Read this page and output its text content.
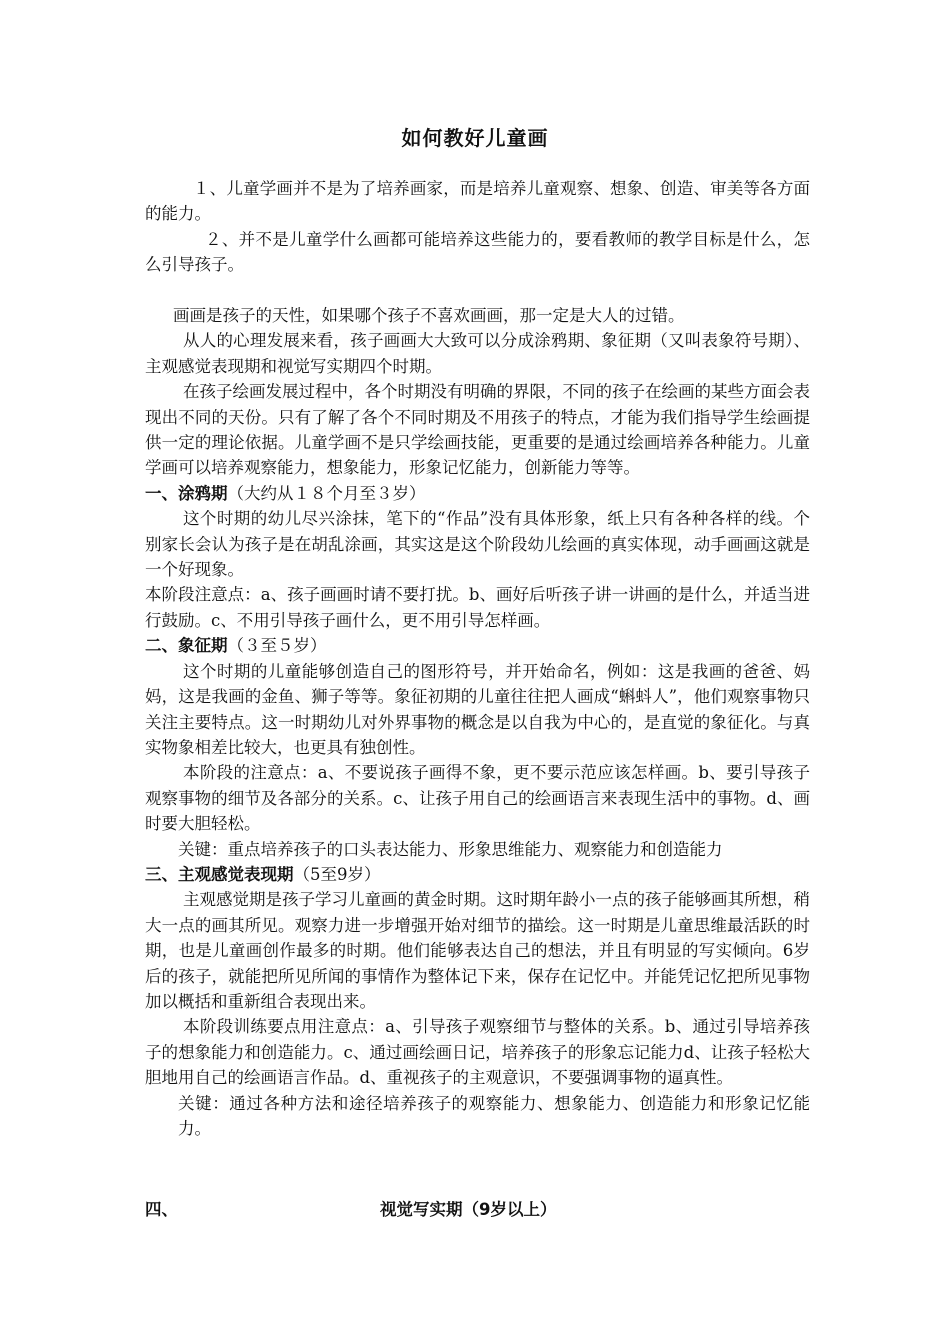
如何教好儿童画

１、儿童学画并不是为了培养画家，而是培养儿童观察、想象、创造、审美等各方面的能力。

２、并不是儿童学什么画都可能培养这些能力的，要看教师的教学目标是什么，怎么引导孩子。

画画是孩子的天性，如果哪个孩子不喜欢画画，那一定是大人的过错。

从人的心理发展来看，孩子画画大大致可以分成涂鸦期、象征期（又叫表象符号期）、主观感觉表现期和视觉写实期四个时期。

在孩子绘画发展过程中，各个时期没有明确的界限，不同的孩子在绘画的某些方面会表现出不同的天份。只有了解了各个不同时期及不用孩子的特点，才能为我们指导学生绘画提供一定的理论依据。儿童学画不是只学绘画技能，更重要的是通过绘画培养各种能力。儿童学画可以培养观察能力，想象能力，形象记忆能力，创新能力等等。

一、涂鸦期（大约从１８个月至３岁）

这个时期的幼儿尽兴涂抹，笔下的“作品”没有具体形象，纸上只有各种各样的线。个别家长会认为孩子是在胡乱涂画，其实这是这个阶段幼儿绘画的真实体现，动手画画这就是一个好现象。

本阶段注意点：a、孩子画画时请不要打扰。b、画好后听孩子讲一讲画的是什么，并适当进行鼓励。c、不用引导孩子画什么，更不用引导怎样画。

二、象征期（３至５岁）

这个时期的儿童能够创造自己的图形符号，并开始命名，例如：这是我画的爸爸、妈妈，这是我画的金鱼、狮子等等。象征初期的儿童往往把人画成“蝌蚪人”，他们观察事物只关注主要特点。这一时期幼儿对外界事物的概念是以自我为中心的，是直觉的象征化。与真实物象相差比较大，也更具有独创性。

本阶段的注意点：a、不要说孩子画得不象，更不要示范应该怎样画。b、要引导孩子观察事物的细节及各部分的关系。c、让孩子用自己的绘画语言来表现生活中的事物。d、画时要大胆轻松。

关键：重点培养孩子的口头表达能力、形象思维能力、观察能力和创造能力

三、主观感觉表现期（5至9岁）

主观感觉期是孩子学习儿童画的黄金时期。这时期年龄小一点的孩子能够画其所想，稍大一点的画其所见。观察力进一步增强开始对细节的描绘。这一时期是儿童思维最活跃的时期，也是儿童画创作最多的时期。他们能够表达自己的想法，并且有明显的写实倾向。6岁后的孩子，就能把所见所闻的事情作为整体记下来，保存在记忆中。并能凭记忆把所见事物加以概括和重新组合表现出来。

本阶段训练要点用注意点：a、引导孩子观察细节与整体的关系。b、通过引导培养孩子的想象能力和创造能力。c、通过画绘画日记，培养孩子的形象忘记能力d、让孩子轻松大胆地用自己的绘画语言作品。d、重视孩子的主观意识，不要强调事物的逼真性。

关键：通过各种方法和途径培养孩子的观察能力、想象能力、创造能力和形象记忆能力。

四、	视觉写实期（9岁以上）
